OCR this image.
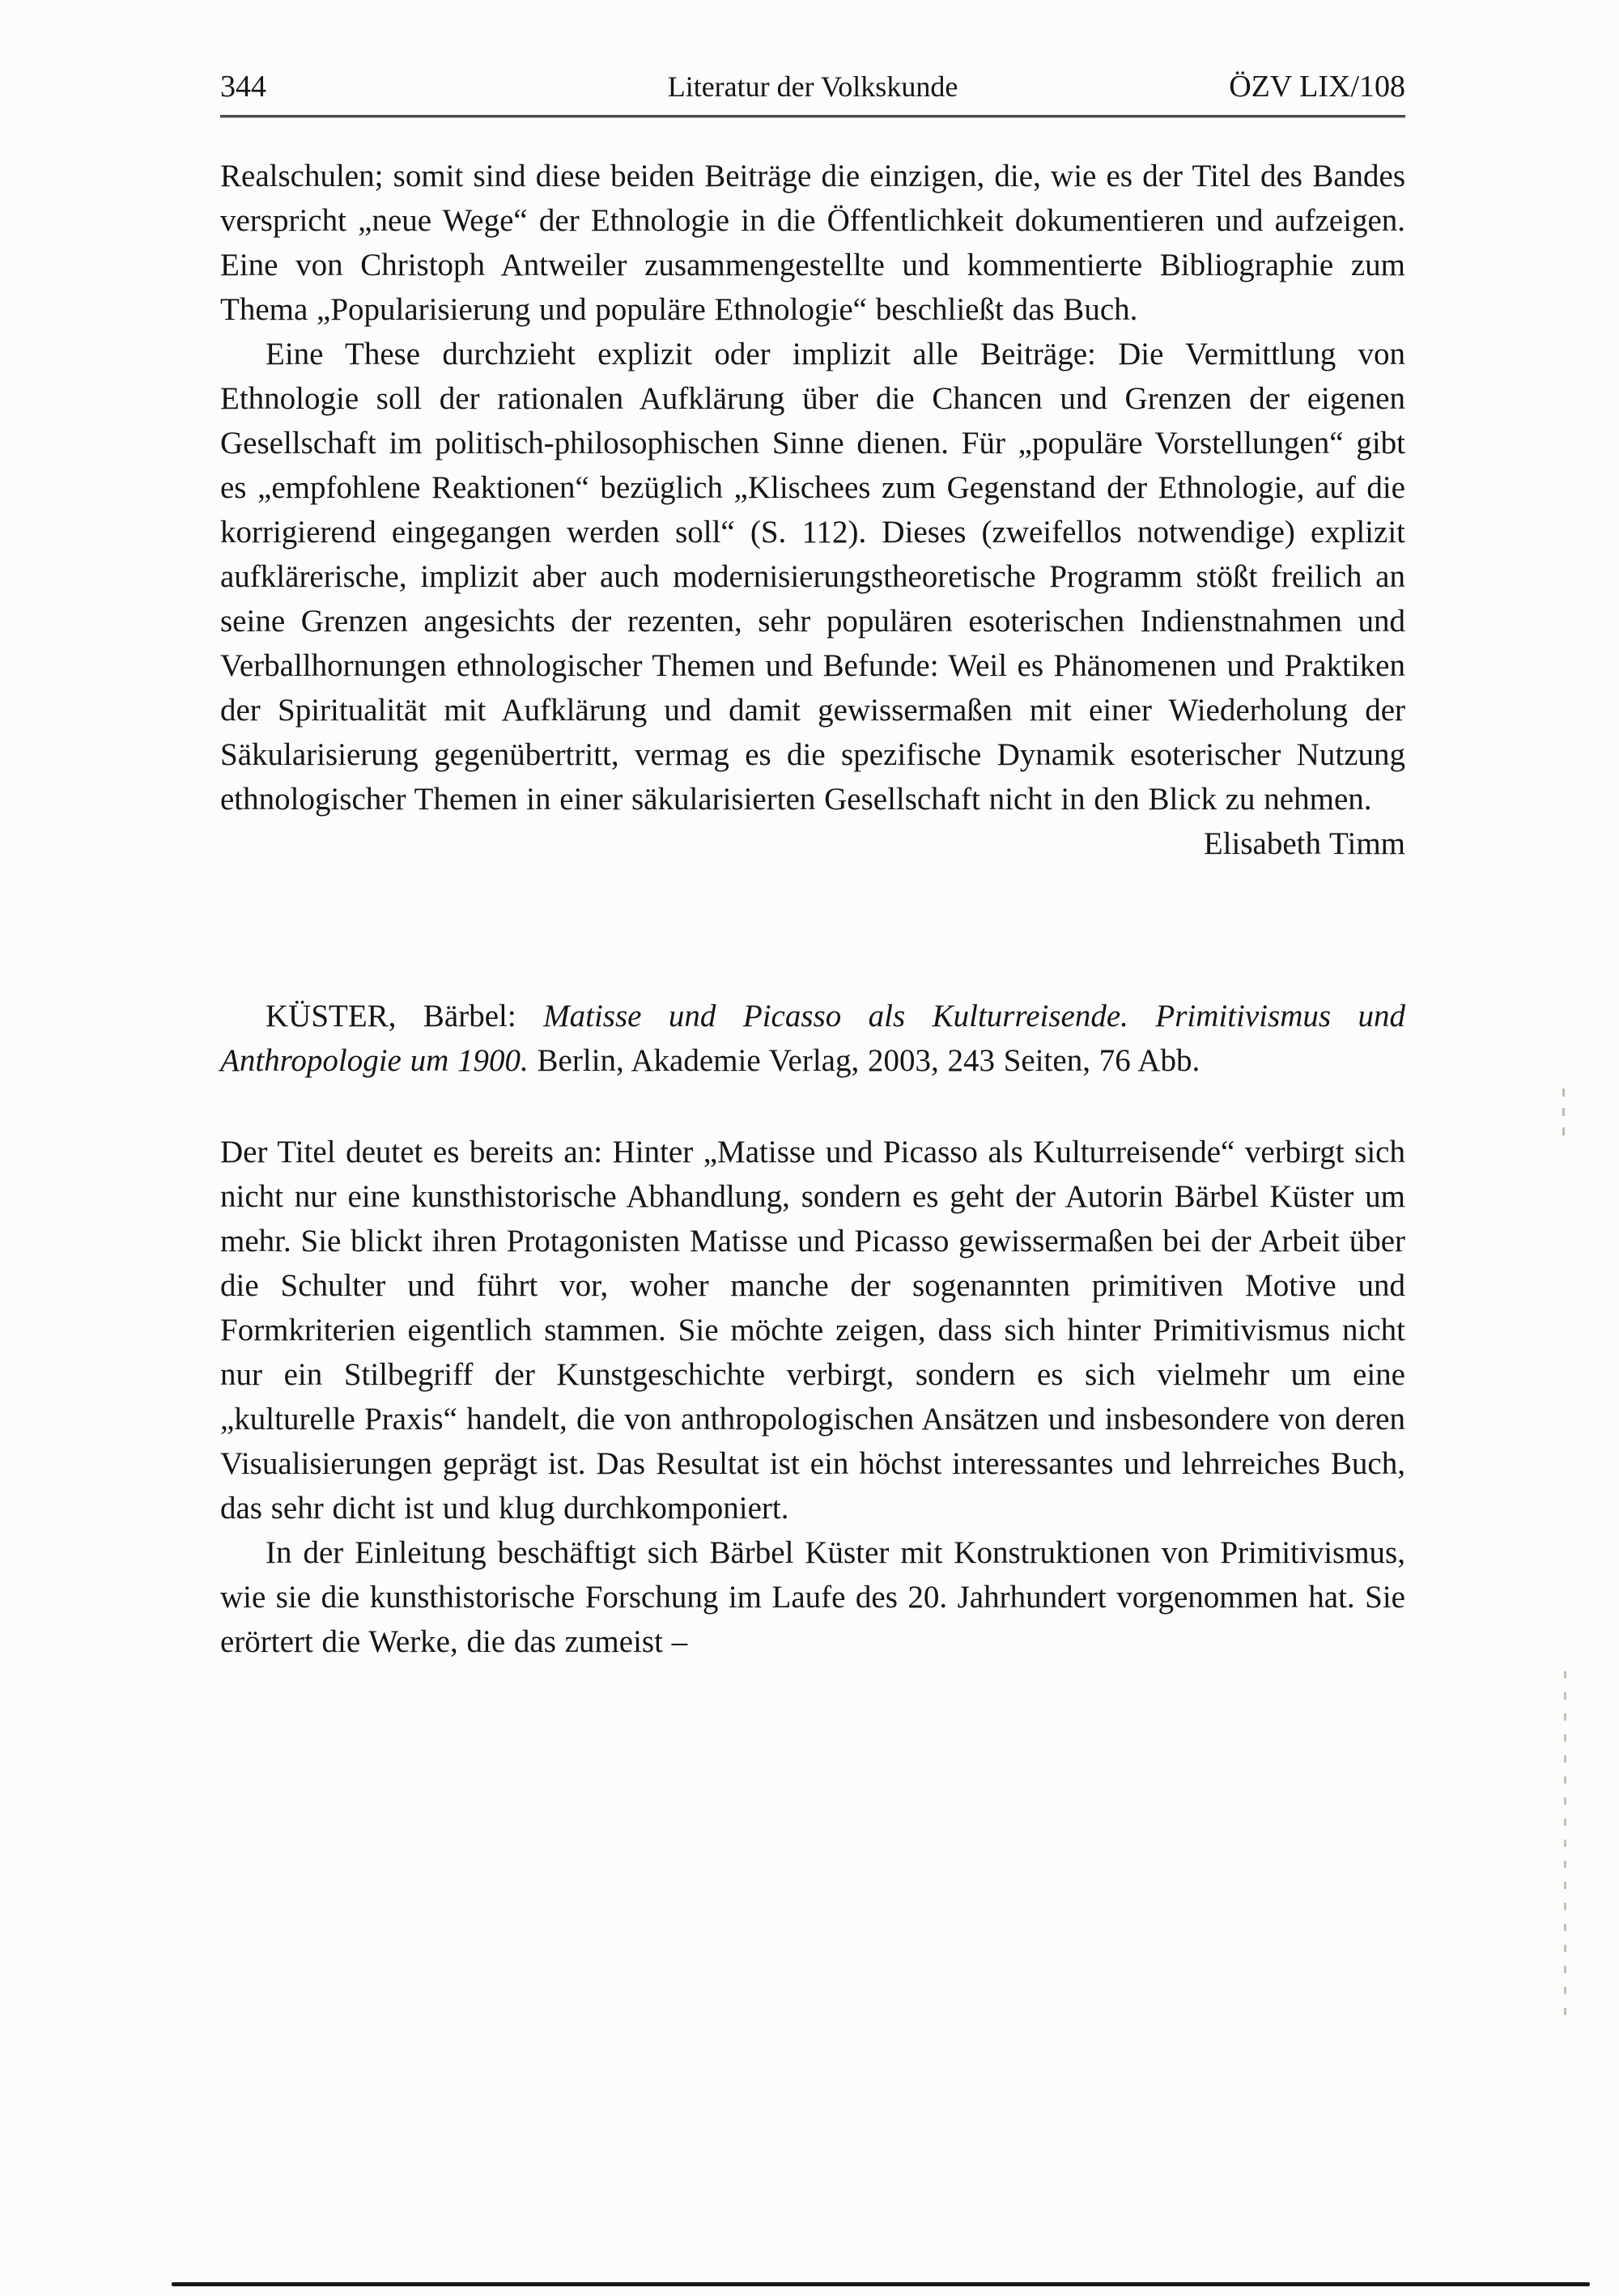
344	Literatur der Volkskunde	ÖZV LIX/108

Realschulen; somit sind diese beiden Beiträge die einzigen, die, wie es der Titel des Bandes verspricht „neue Wege“ der Ethnologie in die Öffentlichkeit dokumentieren und aufzeigen. Eine von Christoph Antweiler zusammengestellte und kommentierte Bibliographie zum Thema „Popularisierung und populäre Ethnologie“ beschließt das Buch.

Eine These durchzieht explizit oder implizit alle Beiträge: Die Vermittlung von Ethnologie soll der rationalen Aufklärung über die Chancen und Grenzen der eigenen Gesellschaft im politisch-philosophischen Sinne dienen. Für „populäre Vorstellungen“ gibt es „empfohlene Reaktionen“ bezüglich „Klischees zum Gegenstand der Ethnologie, auf die korrigierend eingegangen werden soll“ (S. 112). Dieses (zweifellos notwendige) explizit aufklärerische, implizit aber auch modernisierungstheoretische Programm stößt freilich an seine Grenzen angesichts der rezenten, sehr populären esoterischen Indienstnahmen und Verballhornungen ethnologischer Themen und Befunde: Weil es Phänomenen und Praktiken der Spiritualität mit Aufklärung und damit gewissermaßen mit einer Wiederholung der Säkularisierung gegenübertritt, vermag es die spezifische Dynamik esoterischer Nutzung ethnologischer Themen in einer säkularisierten Gesellschaft nicht in den Blick zu nehmen.

Elisabeth Timm

KÜSTER, Bärbel: Matisse und Picasso als Kulturreisende. Primitivismus und Anthropologie um 1900. Berlin, Akademie Verlag, 2003, 243 Seiten, 76 Abb.

Der Titel deutet es bereits an: Hinter „Matisse und Picasso als Kulturreisende“ verbirgt sich nicht nur eine kunsthistorische Abhandlung, sondern es geht der Autorin Bärbel Küster um mehr. Sie blickt ihren Protagonisten Matisse und Picasso gewissermaßen bei der Arbeit über die Schulter und führt vor, woher manche der sogenannten primitiven Motive und Formkriterien eigentlich stammen. Sie möchte zeigen, dass sich hinter Primitivismus nicht nur ein Stilbegriff der Kunstgeschichte verbirgt, sondern es sich vielmehr um eine „kulturelle Praxis“ handelt, die von anthropologischen Ansätzen und insbesondere von deren Visualisierungen geprägt ist. Das Resultat ist ein höchst interessantes und lehrreiches Buch, das sehr dicht ist und klug durchkomponiert.

In der Einleitung beschäftigt sich Bärbel Küster mit Konstruktionen von Primitivismus, wie sie die kunsthistorische Forschung im Laufe des 20. Jahrhundert vorgenommen hat. Sie erörtert die Werke, die das zumeist –
